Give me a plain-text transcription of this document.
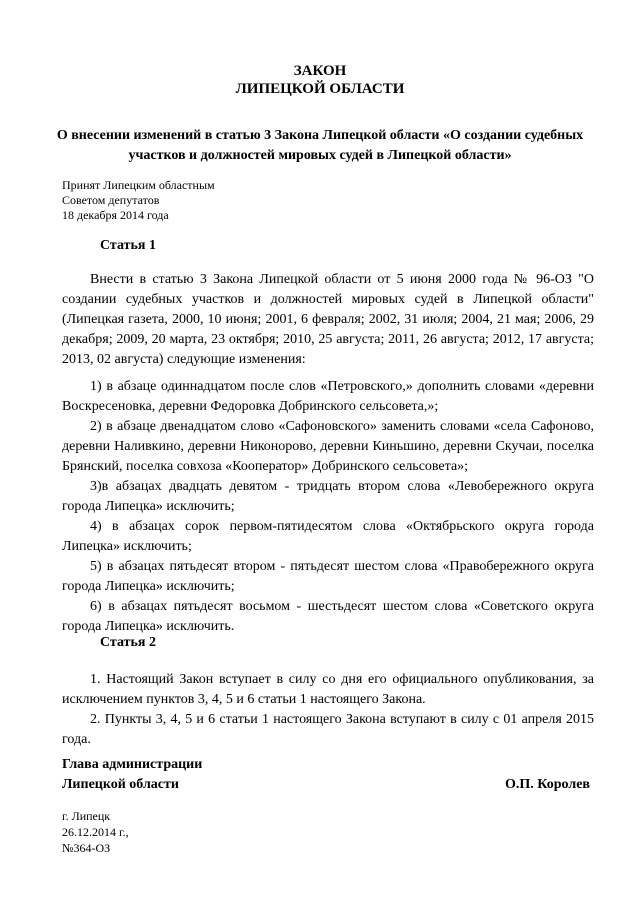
ЗАКОН
ЛИПЕЦКОЙ ОБЛАСТИ
О внесении изменений в статью 3 Закона Липецкой области «О создании судебных участков и должностей мировых судей в Липецкой области»
Принят Липецким областным
Советом депутатов
18 декабря 2014 года
Статья 1

Внести в статью 3 Закона Липецкой области от 5 июня 2000 года № 96-ОЗ "О создании судебных участков и должностей мировых судей в Липецкой области" (Липецкая газета, 2000, 10 июня; 2001, 6 февраля; 2002, 31 июля; 2004, 21 мая; 2006, 29 декабря; 2009, 20 марта, 23 октября; 2010, 25 августа; 2011, 26 августа; 2012, 17 августа; 2013, 02 августа) следующие изменения:

1) в абзаце одиннадцатом после слов «Петровского,» дополнить словами «деревни Воскресеновка, деревни Федоровка Добринского сельсовета,»;

2) в абзаце двенадцатом слово «Сафоновского» заменить словами «села Сафоново, деревни Наливкино, деревни Никонорово, деревни Киньшино, деревни Скучаи, поселка Брянский, поселка совхоза «Кооператор» Добринского сельсовета»;

3)в абзацах двадцать девятом - тридцать втором слова «Левобережного округа города Липецка» исключить;

4) в абзацах сорок первом-пятидесятом слова «Октябрьского округа города Липецка» исключить;

5) в абзацах пятьдесят втором - пятьдесят шестом слова «Правобережного округа города Липецка» исключить;

6) в абзацах пятьдесят восьмом - шестьдесят шестом слова «Советского округа города Липецка» исключить.

Статья 2

1. Настоящий Закон вступает в силу со дня его официального опубликования, за исключением пунктов 3, 4, 5 и 6 статьи 1 настоящего Закона.

2. Пункты 3, 4, 5 и 6 статьи 1 настоящего Закона вступают в силу с 01 апреля 2015 года.

Глава администрации
Липецкой области	О.П. Королев
г. Липецк
26.12.2014 г.,
№364-ОЗ
